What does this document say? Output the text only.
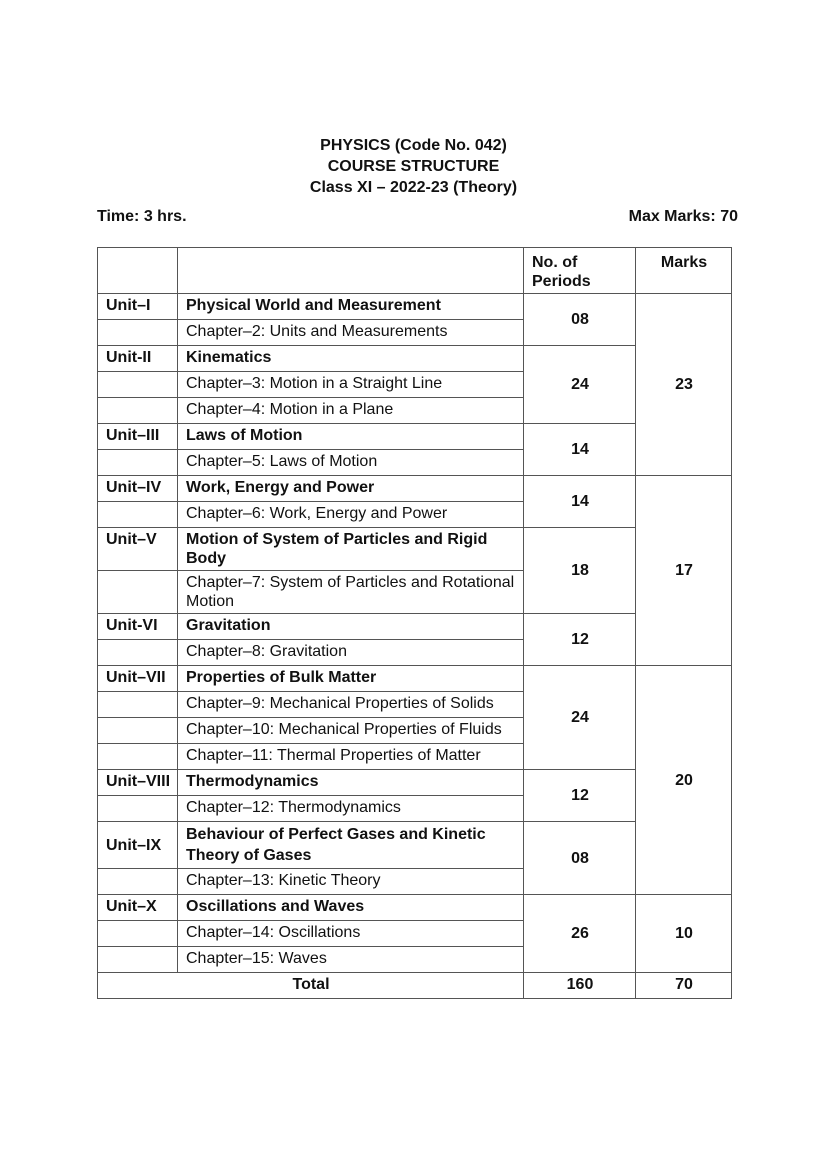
PHYSICS (Code No. 042)
COURSE STRUCTURE
Class XI – 2022-23 (Theory)
Time: 3 hrs.	Max Marks: 70
		No. of Periods	Marks
Unit–I	Physical World and Measurement	08	23
	Chapter–2: Units and Measurements		
Unit-II	Kinematics	24	
	Chapter–3: Motion in a Straight Line		
	Chapter–4: Motion in a Plane		
Unit–III	Laws of Motion	14	
	Chapter–5: Laws of Motion		
Unit–IV	Work, Energy and Power	14	17
	Chapter–6: Work, Energy and Power		
Unit–V	Motion of System of Particles and Rigid Body	18	
	Chapter–7: System of Particles and Rotational Motion		
Unit-VI	Gravitation	12	
	Chapter–8: Gravitation		
Unit–VII	Properties of Bulk Matter	24	20
	Chapter–9: Mechanical Properties of Solids		
	Chapter–10: Mechanical Properties of Fluids		
	Chapter–11: Thermal Properties of Matter		
Unit–VIII	Thermodynamics	12	
	Chapter–12: Thermodynamics		
Unit–IX	Behaviour of Perfect Gases and Kinetic Theory of Gases	08	
	Chapter–13: Kinetic Theory		
Unit–X	Oscillations and Waves	26	10
	Chapter–14: Oscillations		
	Chapter–15: Waves		
Total		160	70
